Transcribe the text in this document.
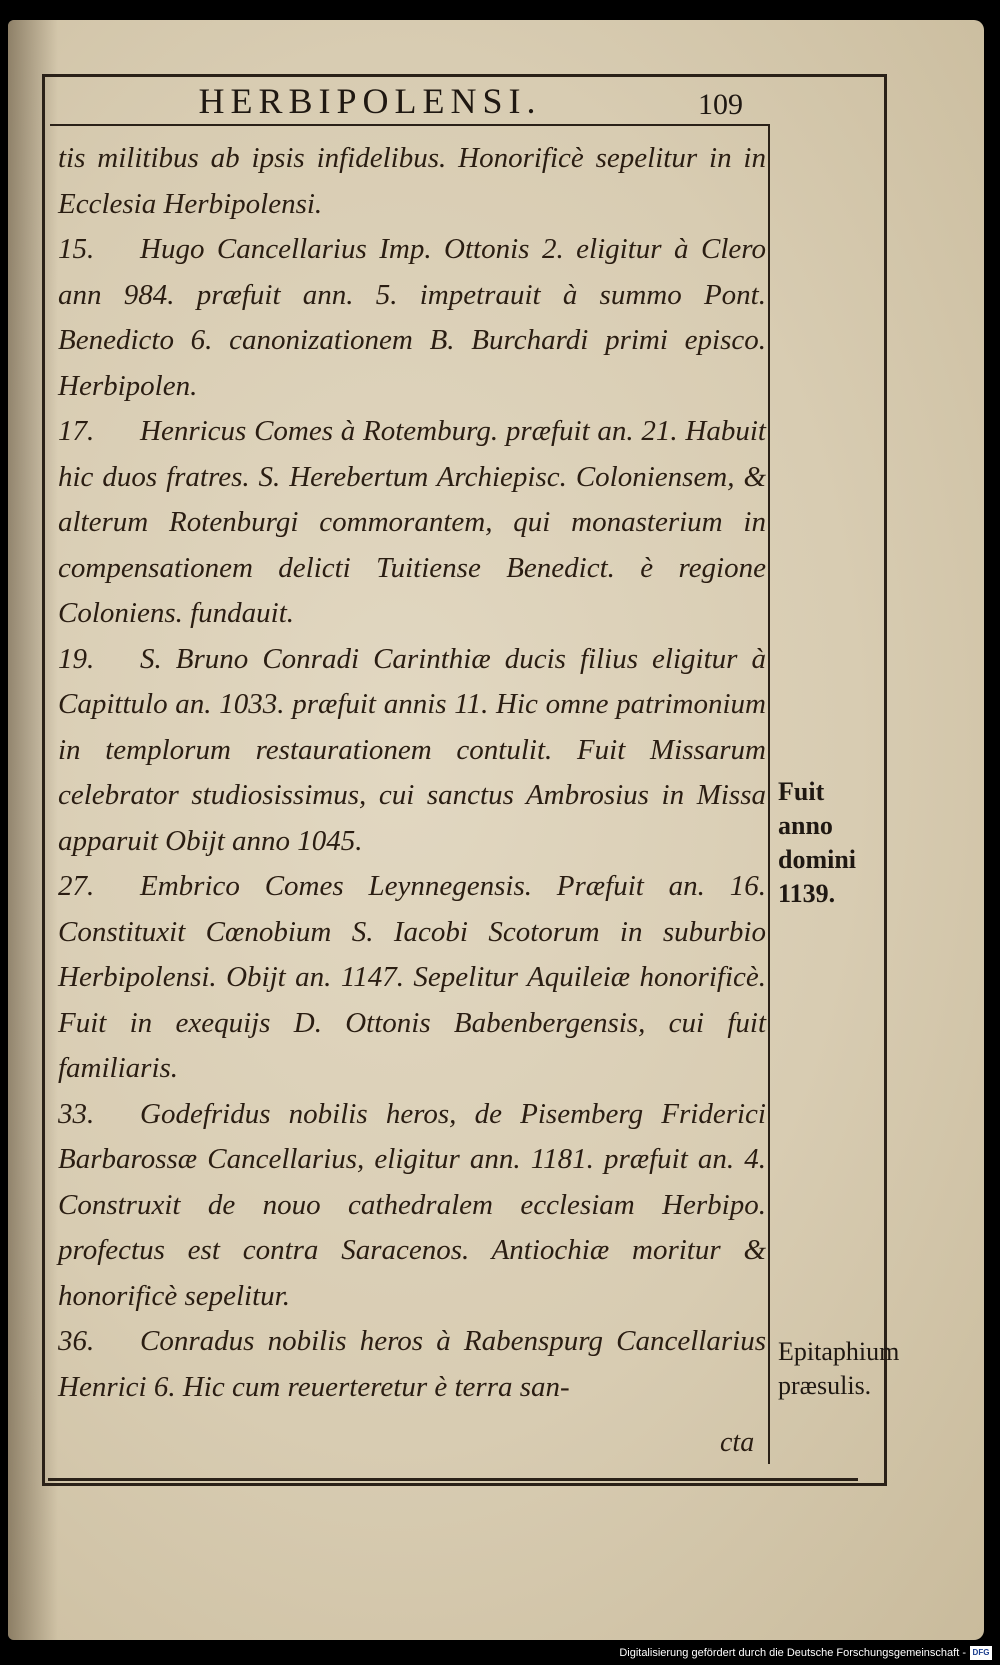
HERBIPOLENSI.	109

tis militibus ab ipsis infidelibus. Honorificè sepelitur in in Ecclesia Herbipolensi.

15. Hugo Cancellarius Imp. Ottonis 2. eligitur à Clero ann 984. præfuit ann. 5. impetrauit à summo Pont. Benedicto 6. canonizationem B. Burchardi primi episco. Herbipolen.

17. Henricus Comes à Rotemburg. præfuit an. 21. Habuit hic duos fratres. S. Herebertum Archiepisc. Coloniensem, & alterum Rotenburgi commorantem, qui monasterium in compensationem delicti Tuitiense Benedict. è regione Coloniens. fundauit.

19. S. Bruno Conradi Carinthiæ ducis filius eligitur à Capittulo an. 1033. præfuit annis 11. Hic omne patrimonium in templorum restaurationem contulit. Fuit Missarum celebrator studiosissimus, cui sanctus Ambrosius in Missa apparuit Obijt anno 1045.

27. Embrico Comes Leynnegensis. Præfuit an. 16. Constituxit Cœnobium S. Iacobi Scotorum in suburbio Herbipolensi. Obijt an. 1147. Sepelitur Aquileiæ honorificè. Fuit in exequijs D. Ottonis Babenbergensis, cui fuit familiaris.

33. Godefridus nobilis heros, de Pisemberg Friderici Barbarossæ Cancellarius, eligitur ann. 1181. præfuit an. 4. Construxit de nouo cathedralem ecclesiam Herbipo. profectus est contra Saracenos. Antiochiæ moritur & honorificè sepelitur.

36. Conradus nobilis heros à Rabenspurg Cancellarius Henrici 6. Hic cum reuerteretur è terra san-

Fuit anno domini 1139.
Epitaphium præsulis.
cta
Digitalisierung gefördert durch die Deutsche Forschungsgemeinschaft - DFG
